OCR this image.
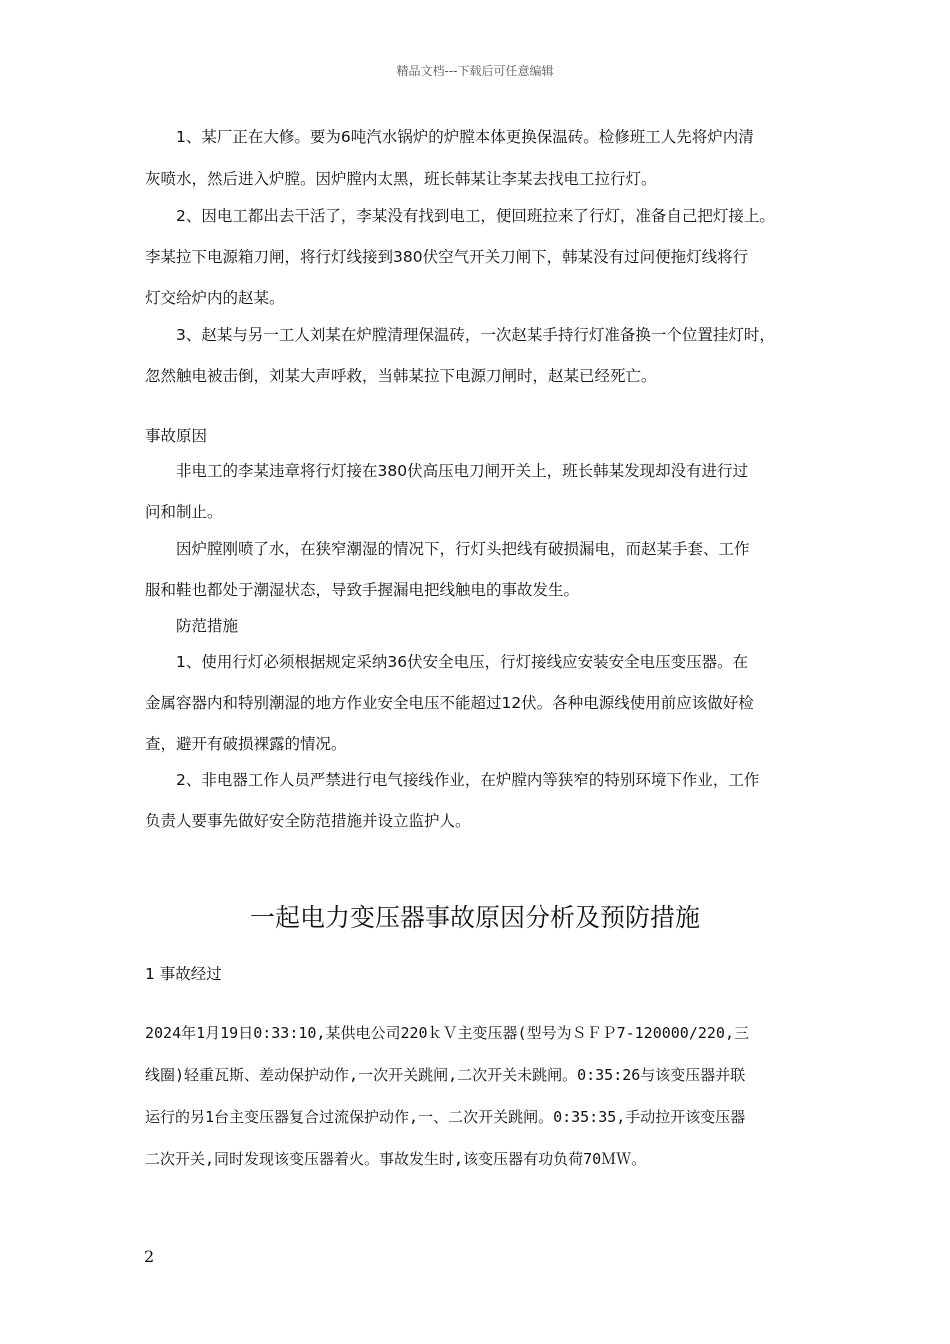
精品文档---下载后可任意编辑
1、某厂正在大修。要为6吨汽水锅炉的炉膛本体更换保温砖。检修班工人先将炉内清
灰喷水，然后进入炉膛。因炉膛内太黑，班长韩某让李某去找电工拉行灯。
2、因电工都出去干活了，李某没有找到电工，便回班拉来了行灯，准备自己把灯接上。
李某拉下电源箱刀闸，将行灯线接到380伏空气开关刀闸下，韩某没有过问便拖灯线将行
灯交给炉内的赵某。
3、赵某与另一工人刘某在炉膛清理保温砖，一次赵某手持行灯准备换一个位置挂灯时，
忽然触电被击倒，刘某大声呼救，当韩某拉下电源刀闸时，赵某已经死亡。
事故原因
非电工的李某违章将行灯接在380伏高压电刀闸开关上，班长韩某发现却没有进行过
问和制止。
因炉膛刚喷了水，在狭窄潮湿的情况下，行灯头把线有破损漏电，而赵某手套、工作
服和鞋也都处于潮湿状态，导致手握漏电把线触电的事故发生。
防范措施
1、使用行灯必须根据规定采纳36伏安全电压，行灯接线应安装安全电压变压器。在
金属容器内和特别潮湿的地方作业安全电压不能超过12伏。各种电源线使用前应该做好检
查，避开有破损裸露的情况。
2、非电器工作人员严禁进行电气接线作业，在炉膛内等狭窄的特别环境下作业，工作
负责人要事先做好安全防范措施并设立监护人。
一起电力变压器事故原因分析及预防措施
1 事故经过
2024年1月19日0:33:10,某供电公司220ｋＶ主变压器(型号为ＳＦＰ7-120000/220,三
线圈)轻重瓦斯、差动保护动作,一次开关跳闸,二次开关未跳闸。0:35:26与该变压器并联
运行的另1台主变压器复合过流保护动作,一、二次开关跳闸。0:35:35,手动拉开该变压器
二次开关,同时发现该变压器着火。事故发生时,该变压器有功负荷70ＭＷ。
2
